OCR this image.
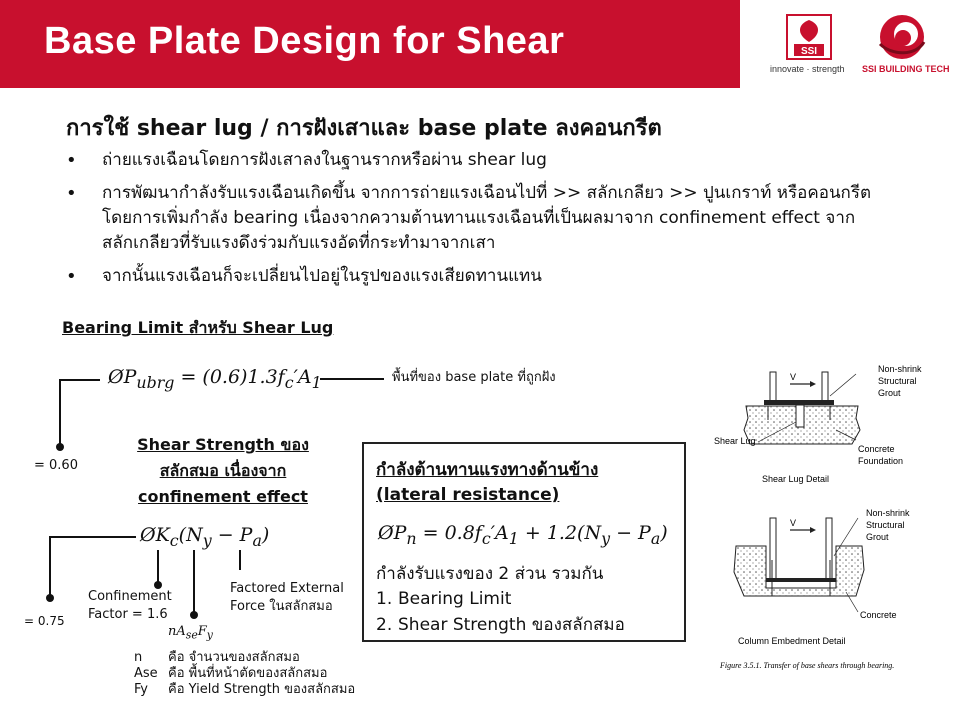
Base Plate Design for Shear	SSI
innovate · strength SSI BUILDING TECH
การใช้ shear lug / การฝังเสาและ base plate ลงคอนกรีต
• ถ่ายแรงเฉือนโดยการฝังเสาลงในฐานรากหรือผ่าน shear lug
• การพัฒนากำลังรับแรงเฉือนเกิดขึ้น จากการถ่ายแรงเฉือนไปที่ >> สลักเกลียว >> ปูนเกราท์ หรือคอนกรีต โดยการเพิ่มกำลัง bearing เนื่องจากความต้านทานแรงเฉือนที่เป็นผลมาจาก confinement effect จากสลักเกลียวที่รับแรงดึงร่วมกับแรงอัดที่กระทำมาจากเสา
• จากนั้นแรงเฉือนก็จะเปลี่ยนไปอยู่ในรูปของแรงเสียดทานแทน
Bearing Limit สำหรับ Shear Lug
$ØP_{ubrg} = (0.6)1.3f_c'A_1$	พื้นที่ของ base plate ที่ถูกฝัง
= 0.60
Shear Strength ของ
สลักสมอ เนื่องจาก
confinement effect
$ØK_c(N_y - P_a)$
= 0.75
Confinement
Factor = 1.6
Factored External
Force ในสลักสมอ
$nA_{se}F_y$
n คือ จำนวนของสลักสมอ
Ase คือ พื้นที่หน้าตัดของสลักสมอ
Fy คือ Yield Strength ของสลักสมอ
กำลังต้านทานแรงทางด้านข้าง
(lateral resistance)
$ØP_n = 0.8f_c'A_1 + 1.2(N_y - P_a)$
กำลังรับแรงของ 2 ส่วน รวมกัน
1. Bearing Limit
2. Shear Strength ของสลักสมอ
V
Non-shrink
Structural
Grout
Shear Lug
Concrete
Foundation
Shear Lug Detail
V
Non-shrink
Structural
Grout
Concrete
Column Embedment Detail
Figure 3.5.1. Transfer of base shears through bearing.
